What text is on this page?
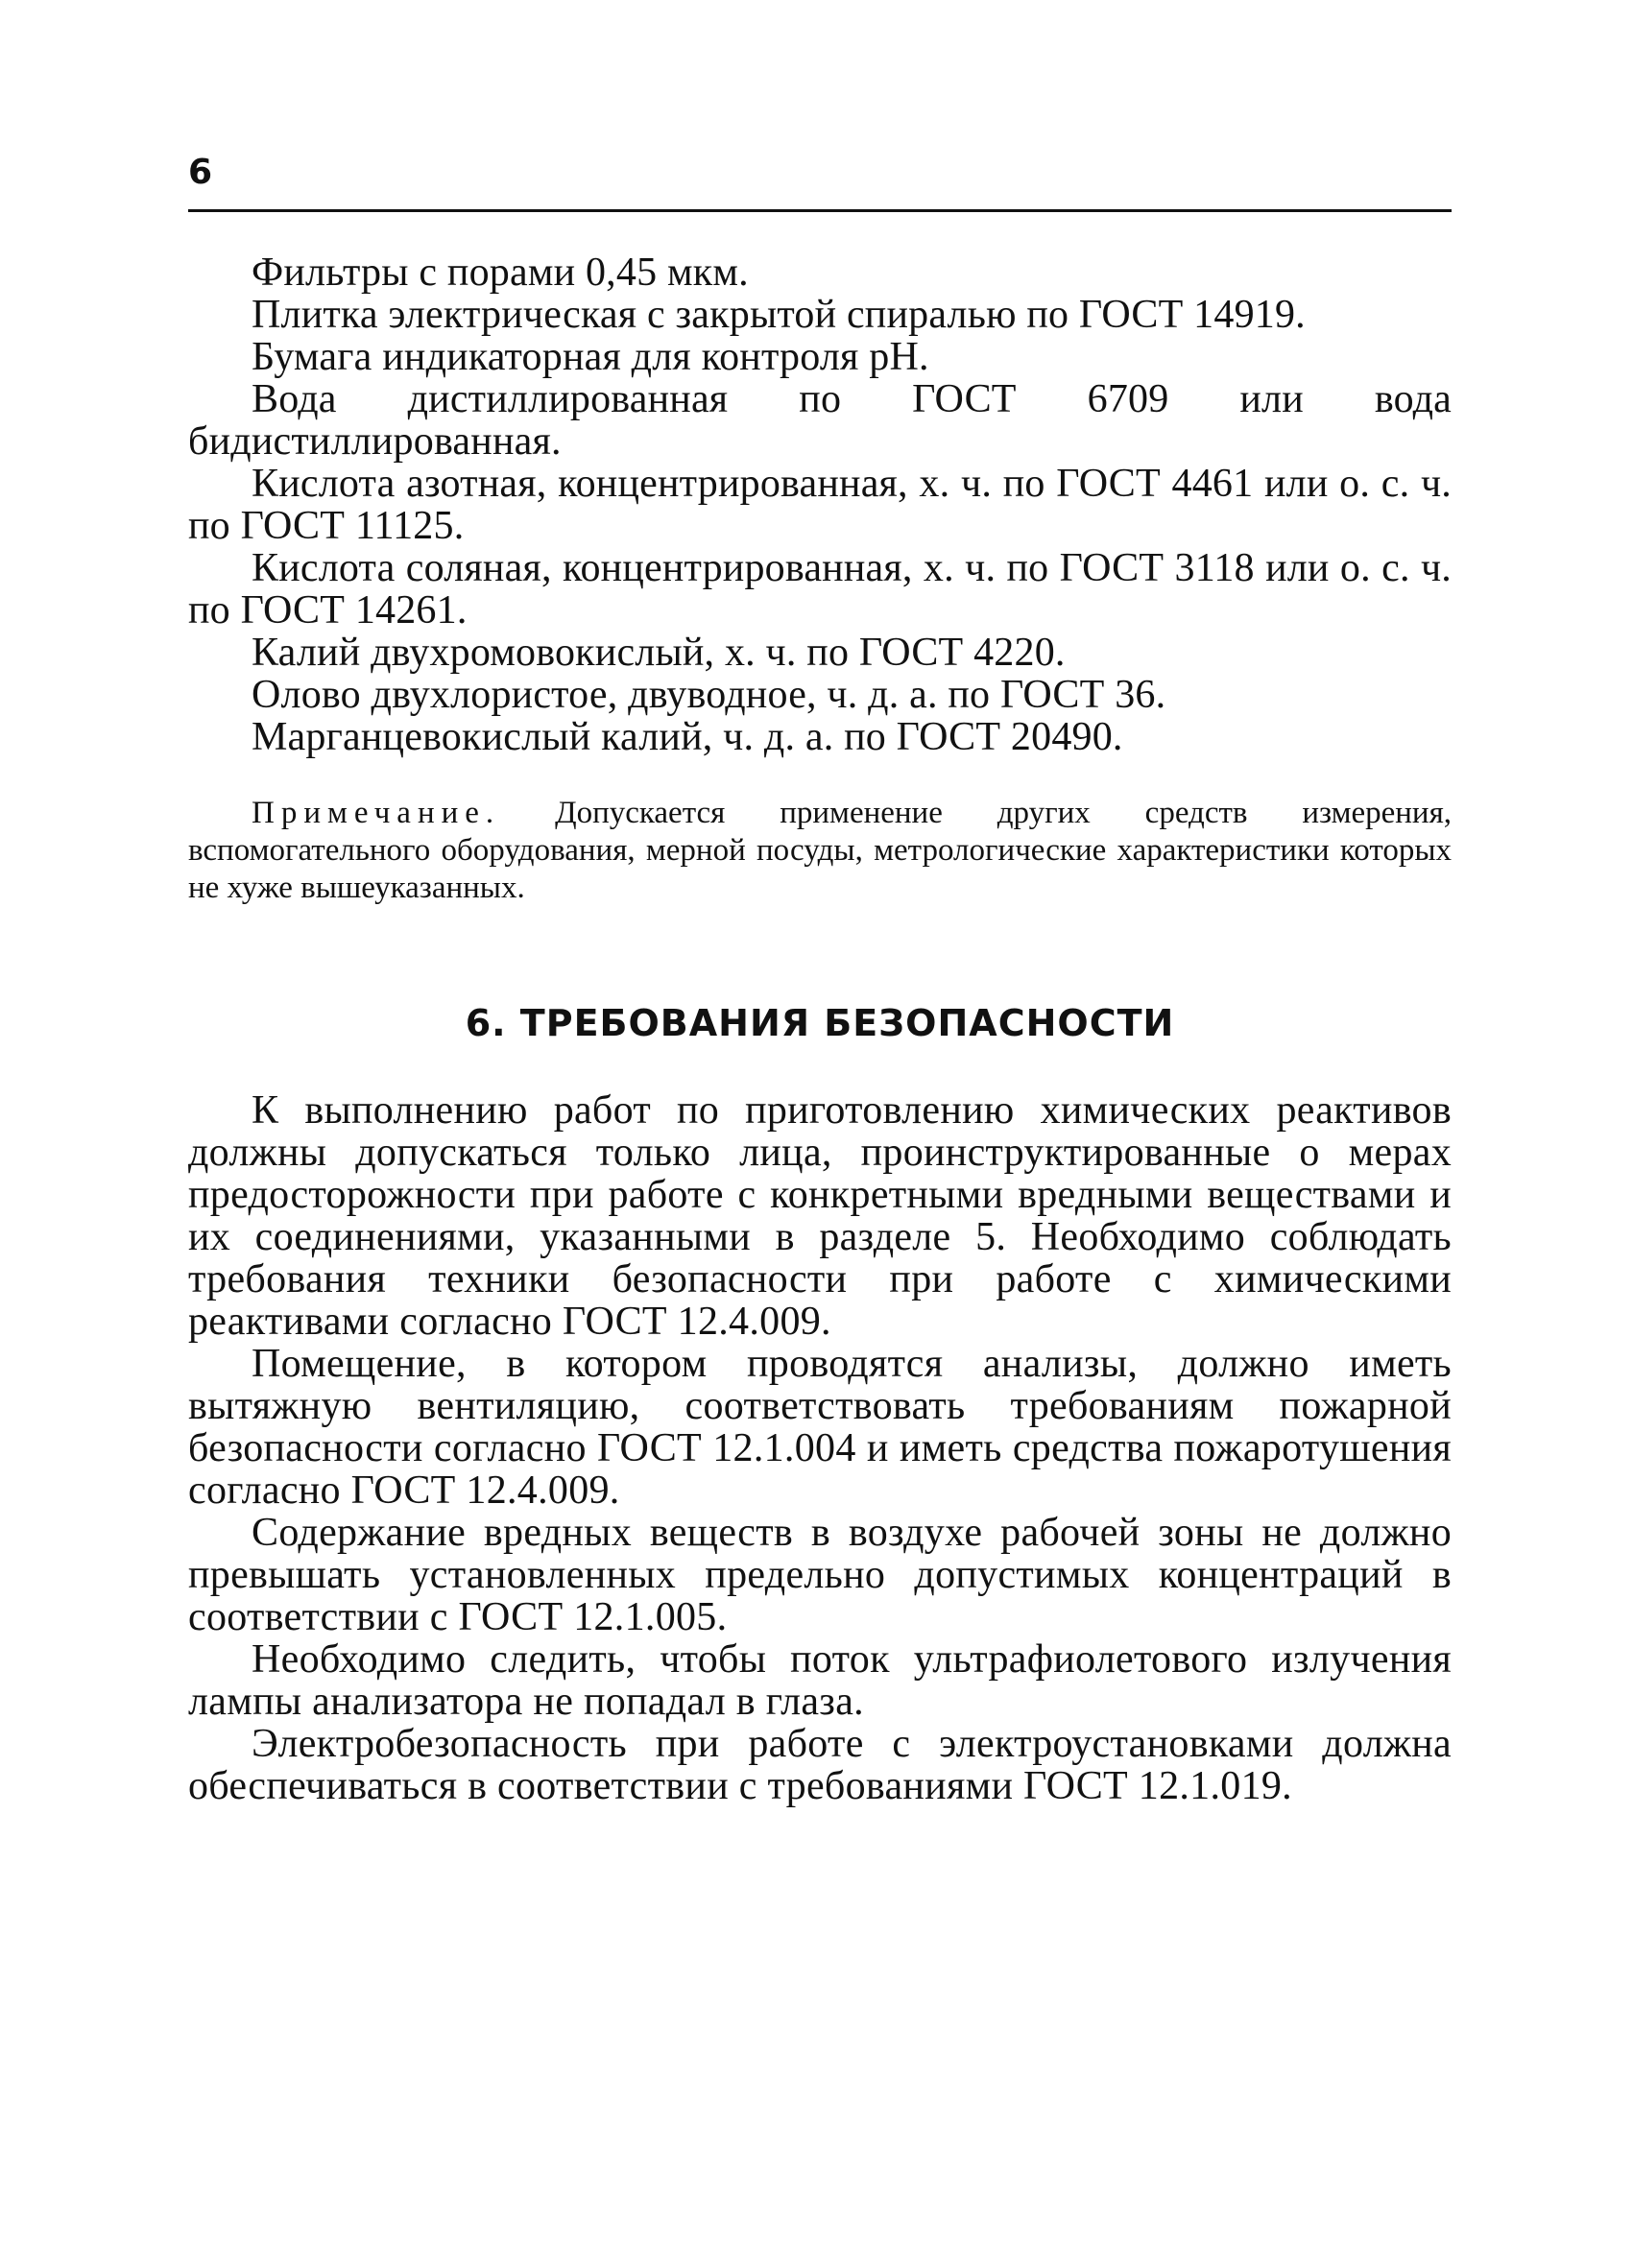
6

Фильтры с порами 0,45 мкм.

Плитка электрическая с закрытой спиралью по ГОСТ 14919.

Бумага индикаторная для контроля pH.

Вода дистиллированная по ГОСТ 6709 или вода бидистиллированная.

Кислота азотная, концентрированная, х. ч. по ГОСТ 4461 или о. с. ч. по ГОСТ 11125.

Кислота соляная, концентрированная, х. ч. по ГОСТ 3118 или о. с. ч. по ГОСТ 14261.

Калий двухромовокислый, х. ч. по ГОСТ 4220.

Олово двухлористое, двуводное, ч. д. а. по ГОСТ 36.

Марганцевокислый калий, ч. д. а. по ГОСТ 20490.

Примечание. Допускается применение других средств измерения, вспомогательного оборудования, мерной посуды, метрологические характеристики которых не хуже вышеуказанных.
6. ТРЕБОВАНИЯ БЕЗОПАСНОСТИ

К выполнению работ по приготовлению химических реактивов должны допускаться только лица, проинструктированные о мерах предосторожности при работе с конкретными вредными веществами и их соединениями, указанными в разделе 5. Необходимо соблюдать требования техники безопасности при работе с химическими реактивами согласно ГОСТ 12.4.009.

Помещение, в котором проводятся анализы, должно иметь вытяжную вентиляцию, соответствовать требованиям пожарной безопасности согласно ГОСТ 12.1.004 и иметь средства пожаротушения согласно ГОСТ 12.4.009.

Содержание вредных веществ в воздухе рабочей зоны не должно превышать установленных предельно допустимых концентраций в соответствии с ГОСТ 12.1.005.

Необходимо следить, чтобы поток ультрафиолетового излучения лампы анализатора не попадал в глаза.

Электробезопасность при работе с электроустановками должна обеспечиваться в соответствии с требованиями ГОСТ 12.1.019.
